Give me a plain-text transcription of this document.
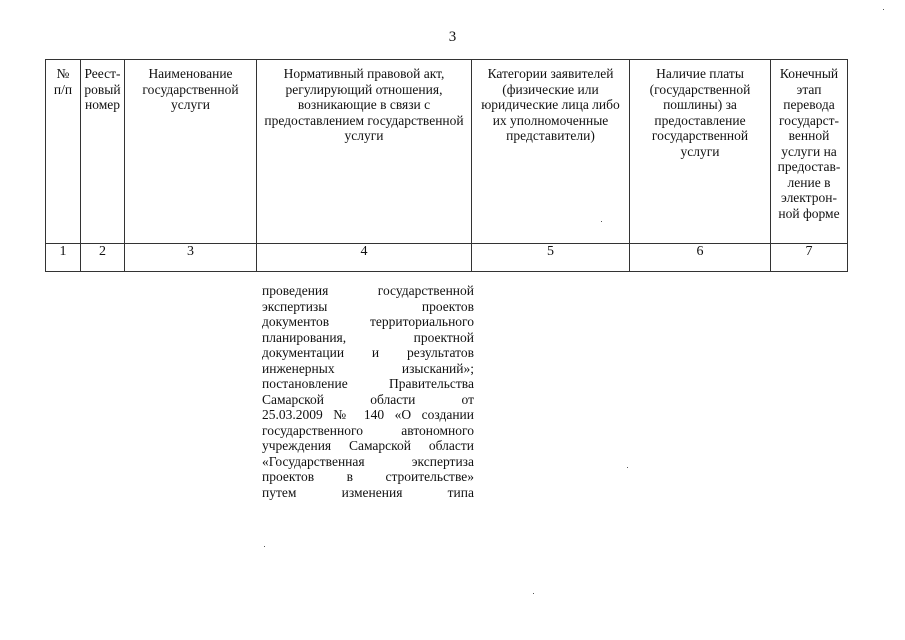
3
№ п/п	Реест-ровый номер	Наименование государственной услуги	Нормативный правовой акт, регулирующий отношения, возникающие в связи с предоставлением государственной услуги	Категории заявителей (физические или юридические лица либо их уполномоченные представители)	Наличие платы (государственной пошлины) за предоставление государственной услуги	Конечный этап перевода государст-венной услуги на предостав-ление в электрон-ной форме

1	2	3	4	5	6	7
проведения государственной
экспертизы проектов
документов территориального
планирования, проектной
документации и результатов
инженерных изысканий»;
постановление Правительства
Самарской области от
25.03.2009 № 140 «О создании
государственного автономного
учреждения Самарской области
«Государственная экспертиза
проектов в строительстве»
путем изменения типа
